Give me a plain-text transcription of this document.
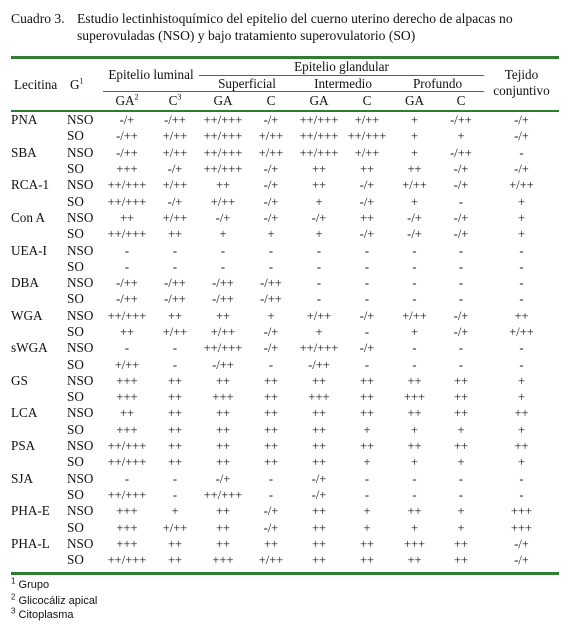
Cuadro 3. Estudio lectinhistoquímico del epitelio del cuerno uterino derecho de alpacas no superovuladas (NSO) y bajo tratamiento superovulatorio (SO)
Lecitina $G^1$	Epitelio luminal
Epitelio glandular
Superficial	Intermedio	Profundo
Tejido conjuntivo
$GA^2$	$C^3$	GA	C	GA	C	GA	C
PNA	NSO	-/+	-/++	++/+++	-/+	++/+++	+/++	+	-/++	-/+
	SO	-/++	+/++	++/+++	+/++	++/+++	++/+++	+	+	-/+
SBA	NSO	-/++	+/++	++/+++	+/++	++/+++	+/++	+	-/++	-
	SO	+++	-/+	++/+++	-/+	++	++	++	-/+	-/+
RCA-1	NSO	++/+++	+/++	++	-/+	++	-/+	+/++	-/+	+/++
	SO	++/+++	-/+	+/++	-/+	+	-/+	+	-	+
Con A	NSO	++	+/++	-/+	-/+	-/+	++	-/+	-/+	+
	SO	++/+++	++	+	+	+	-/+	-/+	-/+	+
UEA-I	NSO	-	-	-	-	-	-	-	-	-
	SO	-	-	-	-	-	-	-	-	-
DBA	NSO	-/++	-/++	-/++	-/++	-	-	-	-	-
	SO	-/++	-/++	-/++	-/++	-	-	-	-	-
WGA	NSO	++/+++	++	++	+	+/++	-/+	+/++	-/+	++
	SO	++	+/++	+/++	-/+	+	-	+	-/+	+/++
sWGA	NSO	-	-	++/+++	-/+	++/+++	-/+	-	-	-
	SO	+/++	-	-/++	-	-/++	-	-	-	-
GS	NSO	+++	++	++	++	++	++	++	++	+
	SO	+++	++	+++	++	+++	++	+++	++	+
LCA	NSO	++	++	++	++	++	++	++	++	++
	SO	+++	++	++	++	++	+	+	+	+
PSA	NSO	++/+++	++	++	++	++	++	++	++	++
	SO	++/+++	++	++	++	++	+	+	+	+
SJA	NSO	-	-	-/+	-	-/+	-	-	-	-
	SO	++/+++	-	++/+++	-	-/+	-	-	-	-
PHA-E	NSO	+++	+	++	-/+	++	+	++	+	+++
	SO	+++	+/++	++	-/+	++	+	+	+	+++
PHA-L	NSO	+++	++	++	++	++	++	+++	++	-/+
	SO	++/+++	++	+++	+/++	++	++	++	++	-/+
$^1$ Grupo
$^2$ Glicocáliz apical
$^3$ Citoplasma
